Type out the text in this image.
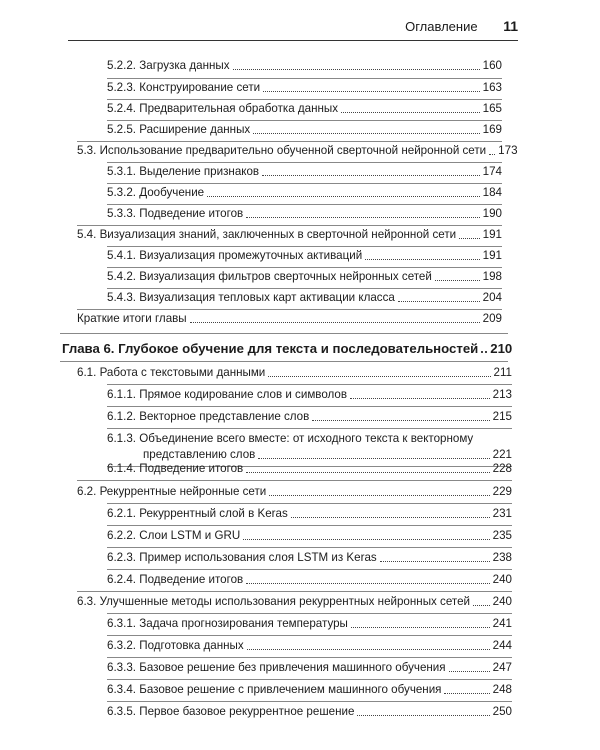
Оглавление 11
5.2.2. Загрузка данных	160
5.2.3. Конструирование сети	163
5.2.4. Предварительная обработка данных	165
5.2.5. Расширение данных	169
5.3. Использование предварительно обученной сверточной нейронной сети 173
5.3.1. Выделение признаков	174
5.3.2. Дообучение	184
5.3.3. Подведение итогов	190
5.4. Визуализация знаний, заключенных в сверточной нейронной сети 191
5.4.1. Визуализация промежуточных активаций	191
5.4.2. Визуализация фильтров сверточных нейронных сетей	198
5.4.3. Визуализация тепловых карт активации класса	204
Краткие итоги главы	209
Глава 6. Глубокое обучение для текста и последовательностей 210
6.1. Работа с текстовыми данными	211
6.1.1. Прямое кодирование слов и символов	213
6.1.2. Векторное представление слов	215
6.1.3. Объединение всего вместе: от исходного текста к векторному
представлению слов	221
6.1.4. Подведение итогов	228
6.2. Рекуррентные нейронные сети	229
6.2.1. Рекуррентный слой в Keras	231
6.2.2. Слои LSTM и GRU	235
6.2.3. Пример использования слоя LSTM из Keras	238
6.2.4. Подведение итогов	240
6.3. Улучшенные методы использования рекуррентных нейронных сетей 240
6.3.1. Задача прогнозирования температуры	241
6.3.2. Подготовка данных	244
6.3.3. Базовое решение без привлечения машинного обучения	247
6.3.4. Базовое решение с привлечением машинного обучения	248
6.3.5. Первое базовое рекуррентное решение	250
